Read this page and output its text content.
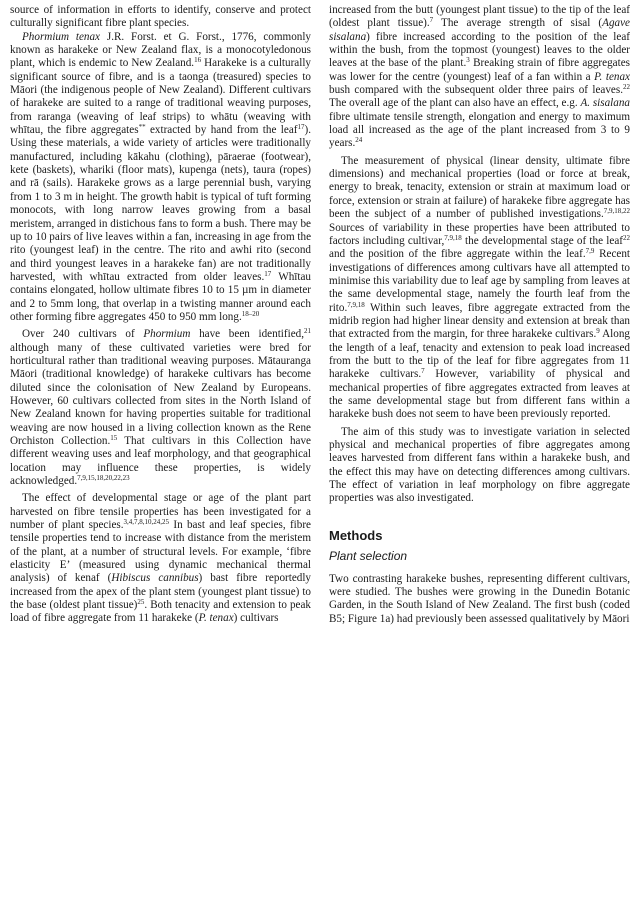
source of information in efforts to identify, conserve and protect culturally significant fibre plant species.

Phormium tenax J.R. Forst. et G. Forst., 1776, commonly known as harakeke or New Zealand flax, is a monocotyledonous plant, which is endemic to New Zealand.$^{16}$ Harakeke is a culturally significant source of fibre, and is a taonga (treasured) species to Māori (the indigenous people of New Zealand). Different cultivars of harakeke are suited to a range of traditional weaving purposes, from raranga (weaving of leaf strips) to whātu (weaving with whītau, the fibre aggregates** extracted by hand from the leaf$^{17}$). Using these materials, a wide variety of articles were traditionally manufactured, including kākahu (clothing), pāraerae (footwear), kete (baskets), whariki (floor mats), kupenga (nets), taura (ropes) and rā (sails). Harakeke grows as a large perennial bush, varying from 1 to 3 m in height. The growth habit is typical of tuft forming monocots, with long narrow leaves growing from a basal meristem, arranged in distichous fans to form a bush. There may be up to 10 pairs of live leaves within a fan, increasing in age from the rito (youngest leaf) in the centre. The rito and awhi rito (second and third youngest leaves in a harakeke fan) are not traditionally harvested, with whītau extracted from older leaves.$^{17}$ Whītau contains elongated, hollow ultimate fibres 10 to 15 µm in diameter and 2 to 5mm long, that overlap in a twisting manner around each other forming fibre aggregates 450 to 950 mm long.$^{18-20}$

Over 240 cultivars of Phormium have been identified,$^{21}$ although many of these cultivated varieties were bred for horticultural rather than traditional weaving purposes. Mātauranga Māori (traditional knowledge) of harakeke cultivars has become diluted since the colonisation of New Zealand by Europeans. However, 60 cultivars collected from sites in the North Island of New Zealand known for having properties suitable for traditional weaving are now housed in a living collection known as the Rene Orchiston Collection.$^{15}$ That cultivars in this Collection have different weaving uses and leaf morphology, and that geographical location may influence these properties, is widely acknowledged.$^{7,9,15,18,20,22,23}$

The effect of developmental stage or age of the plant part harvested on fibre tensile properties has been investigated for a number of plant species.$^{3,4,7,8,10,24,25}$ In bast and leaf species, fibre tensile properties tend to increase with distance from the meristem of the plant, at a number of structural levels. For example, ‘fibre elasticity E’ (measured using dynamic mechanical thermal analysis) of kenaf (Hibiscus cannibus) bast fibre reportedly increased from the apex of the plant stem (youngest plant tissue) to the base (oldest plant tissue)$^{25}$. Both tenacity and extension to peak load of fibre aggregate from 11 harakeke (P. tenax) cultivars

increased from the butt (youngest plant tissue) to the tip of the leaf (oldest plant tissue).$^7$ The average strength of sisal (Agave sisalana) fibre increased according to the position of the leaf within the bush, from the topmost (youngest) leaves to the older leaves at the base of the plant.$^3$ Breaking strain of fibre aggregates was lower for the centre (youngest) leaf of a fan within a P. tenax bush compared with the subsequent older three pairs of leaves.$^{22}$ The overall age of the plant can also have an effect, e.g. A. sisalana fibre ultimate tensile strength, elongation and energy to maximum load all increased as the age of the plant increased from 3 to 9 years.$^{24}$

The measurement of physical (linear density, ultimate fibre dimensions) and mechanical properties (load or force at break, energy to break, tenacity, extension or strain at maximum load or force, extension or strain at failure) of harakeke fibre aggregate has been the subject of a number of published investigations.$^{7,9,18,22}$ Sources of variability in these properties have been attributed to factors including cultivar,$^{7,9,18}$ the developmental stage of the leaf$^{22}$ and the position of the fibre aggregate within the leaf.$^{7,9}$ Recent investigations of differences among cultivars have all attempted to minimise this variability due to leaf age by sampling from leaves at the same developmental stage, namely the fourth leaf from the rito.$^{7,9,18}$ Within such leaves, fibre aggregate extracted from the midrib region had higher linear density and extension at break than that extracted from the margin, for three harakeke cultivars.$^9$ Along the length of a leaf, tenacity and extension to peak load increased from the butt to the tip of the leaf for fibre aggregates from 11 harakeke cultivars.$^7$ However, variability of physical and mechanical properties of fibre aggregates extracted from leaves at the same developmental stage but from different fans within a harakeke bush does not seem to have been previously reported.

The aim of this study was to investigate variation in selected physical and mechanical properties of fibre aggregates among leaves harvested from different fans within a harakeke bush, and the effect this may have on detecting differences among cultivars. The effect of variation in leaf morphology on fibre aggregate properties was also investigated.

Methods
Plant selection

Two contrasting harakeke bushes, representing different cultivars, were studied. The bushes were growing in the Dunedin Botanic Garden, in the South Island of New Zealand. The first bush (coded B5; Figure 1a) had previously been assessed qualitatively by Māori
